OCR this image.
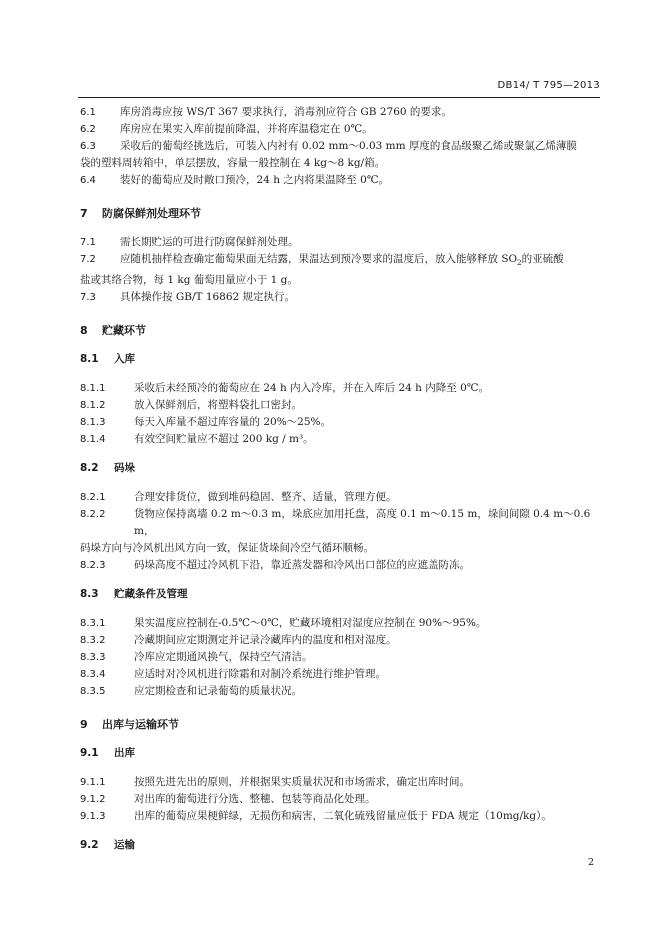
DB14/ T 795—2013
6.1	库房消毒应按 WS/T 367 要求执行，消毒剂应符合 GB 2760 的要求。
6.2	库房应在果实入库前提前降温，并将库温稳定在 0℃。
6.3	采收后的葡萄经挑选后，可装入内衬有 0.02 mm～0.03 mm 厚度的食品级聚乙烯或聚氯乙烯薄膜

袋的塑料周转箱中，单层摆放，容量一般控制在 4 kg～8 kg/箱。

6.4	装好的葡萄应及时敞口预冷，24 h 之内将果温降至 0℃。
7	防腐保鲜剂处理环节
7.1	需长期贮运的可进行防腐保鲜剂处理。
7.2	应随机抽样检查确定葡萄果面无结露，果温达到预冷要求的温度后，放入能够释放 $SO_2$的亚硫酸

盐或其络合物，每 1 kg 葡萄用量应小于 1 g。

7.3	具体操作按 GB/T 16862 规定执行。
8	贮藏环节
8.1	入库
8.1.1	采收后未经预冷的葡萄应在 24 h 内入冷库，并在入库后 24 h 内降至 0℃。
8.1.2	放入保鲜剂后，将塑料袋扎口密封。
8.1.3	每天入库量不超过库容量的 20%～25%。
8.1.4	有效空间贮量应不超过 200 kg / m³。
8.2	码垛
8.2.1	合理安排货位，做到堆码稳固、整齐、适量，管理方便。
8.2.2	货物应保持离墙 0.2 m～0.3 m，垛底应加用托盘，高度 0.1 m～0.15 m，垛间间隙 0.4 m～0.6 m，

码垛方向与冷风机出风方向一致，保证货垛间冷空气循环顺畅。

8.2.3	码垛高度不超过冷风机下沿，靠近蒸发器和冷风出口部位的应遮盖防冻。
8.3	贮藏条件及管理
8.3.1	果实温度应控制在-0.5℃～0℃，贮藏环境相对湿度应控制在 90%～95%。
8.3.2	冷藏期间应定期测定并记录冷藏库内的温度和相对湿度。
8.3.3	冷库应定期通风换气，保持空气清洁。
8.3.4	应适时对冷风机进行除霜和对制冷系统进行维护管理。
8.3.5	应定期检查和记录葡萄的质量状况。
9	出库与运输环节
9.1	出库
9.1.1	按照先进先出的原则，并根据果实质量状况和市场需求，确定出库时间。
9.1.2	对出库的葡萄进行分选、整穗、包装等商品化处理。
9.1.3	出库的葡萄应果梗鲜绿，无损伤和病害，二氧化硫残留量应低于 FDA 规定（10mg/kg）。
9.2	运输
2
